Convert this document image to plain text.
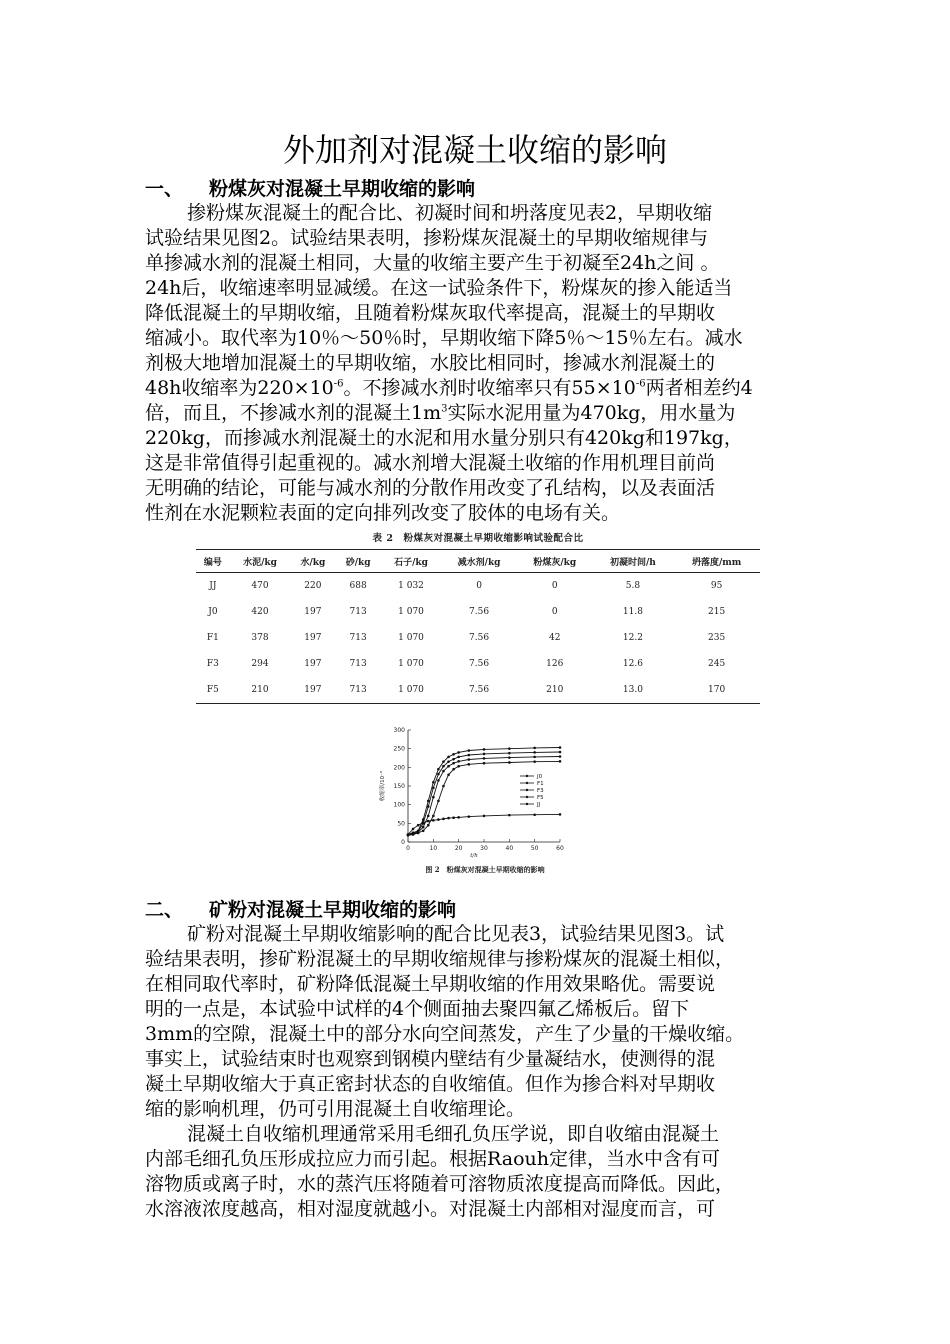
外加剂对混凝土收缩的影响
一、 粉煤灰对混凝土早期收缩的影响
掺粉煤灰混凝土的配合比、初凝时间和坍落度见表2，早期收缩
试验结果见图2。试验结果表明，掺粉煤灰混凝土的早期收缩规律与
单掺减水剂的混凝土相同，大量的收缩主要产生于初凝至24h之间 。
24h后，收缩速率明显减缓。在这一试验条件下，粉煤灰的掺入能适当
降低混凝土的早期收缩，且随着粉煤灰取代率提高，混凝土的早期收
缩减小。取代率为10％～50％时，早期收缩下降5％～15％左右。减水
剂极大地增加混凝土的早期收缩，水胶比相同时，掺减水剂混凝土的
48h收缩率为$220\times 10^{-6}$。不掺减水剂时收缩率只有$55\times 10^{-6}$两者相差约4
倍，而且，不掺减水剂的混凝土$1m^3$实际水泥用量为470kg，用水量为
220kg，而掺减水剂混凝土的水泥和用水量分别只有420kg和197kg，
这是非常值得引起重视的。减水剂增大混凝土收缩的作用机理目前尚
无明确的结论，可能与减水剂的分散作用改变了孔结构，以及表面活
性剂在水泥颗粒表面的定向排列改变了胶体的电场有关。
表 2　粉煤灰对混凝土早期收缩影响试验配合比
编号	水泥/kg	水/kg	砂/kg	石子/kg	减水剂/kg	粉煤灰/kg	初凝时间/h	坍落度/mm
JJ	470	220	688	1 032	0	0	5.8	95
J0	420	197	713	1 070	7.56	0	11.8	215
F1	378	197	713	1 070	7.56	42	12.2	235
F3	294	197	713	1 070	7.56	126	12.6	245
F5	210	197	713	1 070	7.56	210	13.0	170
0
50
100
150
200
250
300
0	10	20	30	40	50	60
t/h
收缩率/10⁻⁶	J0
F1
F3
F5
JJ
图 2　粉煤灰对混凝土早期收缩的影响
二、 矿粉对混凝土早期收缩的影响
矿粉对混凝土早期收缩影响的配合比见表3，试验结果见图3。试
验结果表明，掺矿粉混凝土的早期收缩规律与掺粉煤灰的混凝土相似，
在相同取代率时，矿粉降低混凝土早期收缩的作用效果略优。需要说
明的一点是，本试验中试样的4个侧面抽去聚四氟乙烯板后。留下
3mm的空隙，混凝土中的部分水向空间蒸发，产生了少量的干燥收缩。
事实上，试验结束时也观察到钢模内壁结有少量凝结水，使测得的混
凝土早期收缩大于真正密封状态的自收缩值。但作为掺合料对早期收
缩的影响机理，仍可引用混凝土自收缩理论。
混凝土自收缩机理通常采用毛细孔负压学说，即自收缩由混凝土
内部毛细孔负压形成拉应力而引起。根据Raouh定律，当水中含有可
溶物质或离子时，水的蒸汽压将随着可溶物质浓度提高而降低。因此，
水溶液浓度越高，相对湿度就越小。对混凝土内部相对湿度而言，可
